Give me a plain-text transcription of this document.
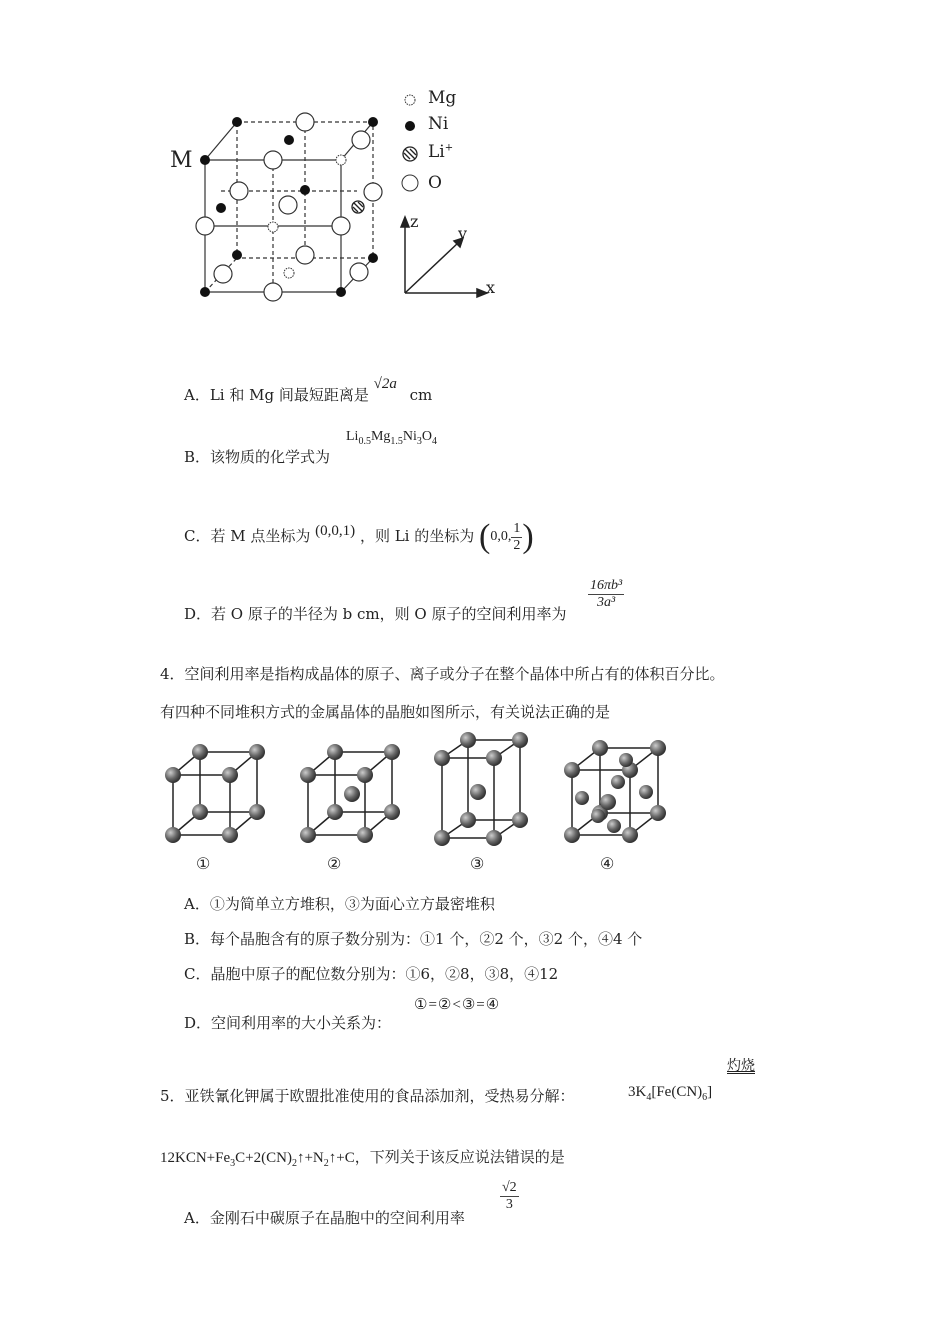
M
Mg
Ni
Li+
O
z
y
x
A．Li 和 Mg 间最短距离是 √2a cm
B．该物质的化学式为
$Li_{0.5}Mg_{1.5}Ni_3O_4$
C．若 M 点坐标为 (0,0,1) ，则 Li 的坐标为 (0,0, $\frac{1}{2}$ )
D．若 O 原子的半径为 b cm，则 O 原子的空间利用率为
$\frac{\text{16πb³}}{\text{3a³}}$
4．空间利用率是指构成晶体的原子、离子或分子在整个晶体中所占有的体积百分比。
有四种不同堆积方式的金属晶体的晶胞如图所示，有关说法正确的是
①	②	③	④
A．①为简单立方堆积，③为面心立方最密堆积
B．每个晶胞含有的原子数分别为：①1 个，②2 个，③2 个，④4 个
C．晶胞中原子的配位数分别为：①6，②8，③8，④12
D．空间利用率的大小关系为：
①=②<③=④
灼烧
5．亚铁氰化钾属于欧盟批准使用的食品添加剂，受热易分解：	$3K_4[Fe(CN)_6]$
$12KCN+Fe_3C+2(CN)_2↑+N_2↑+C$，下列关于该反应说法错误的是
A．金刚石中碳原子在晶胞中的空间利用率
$\frac{√2}{3}$
